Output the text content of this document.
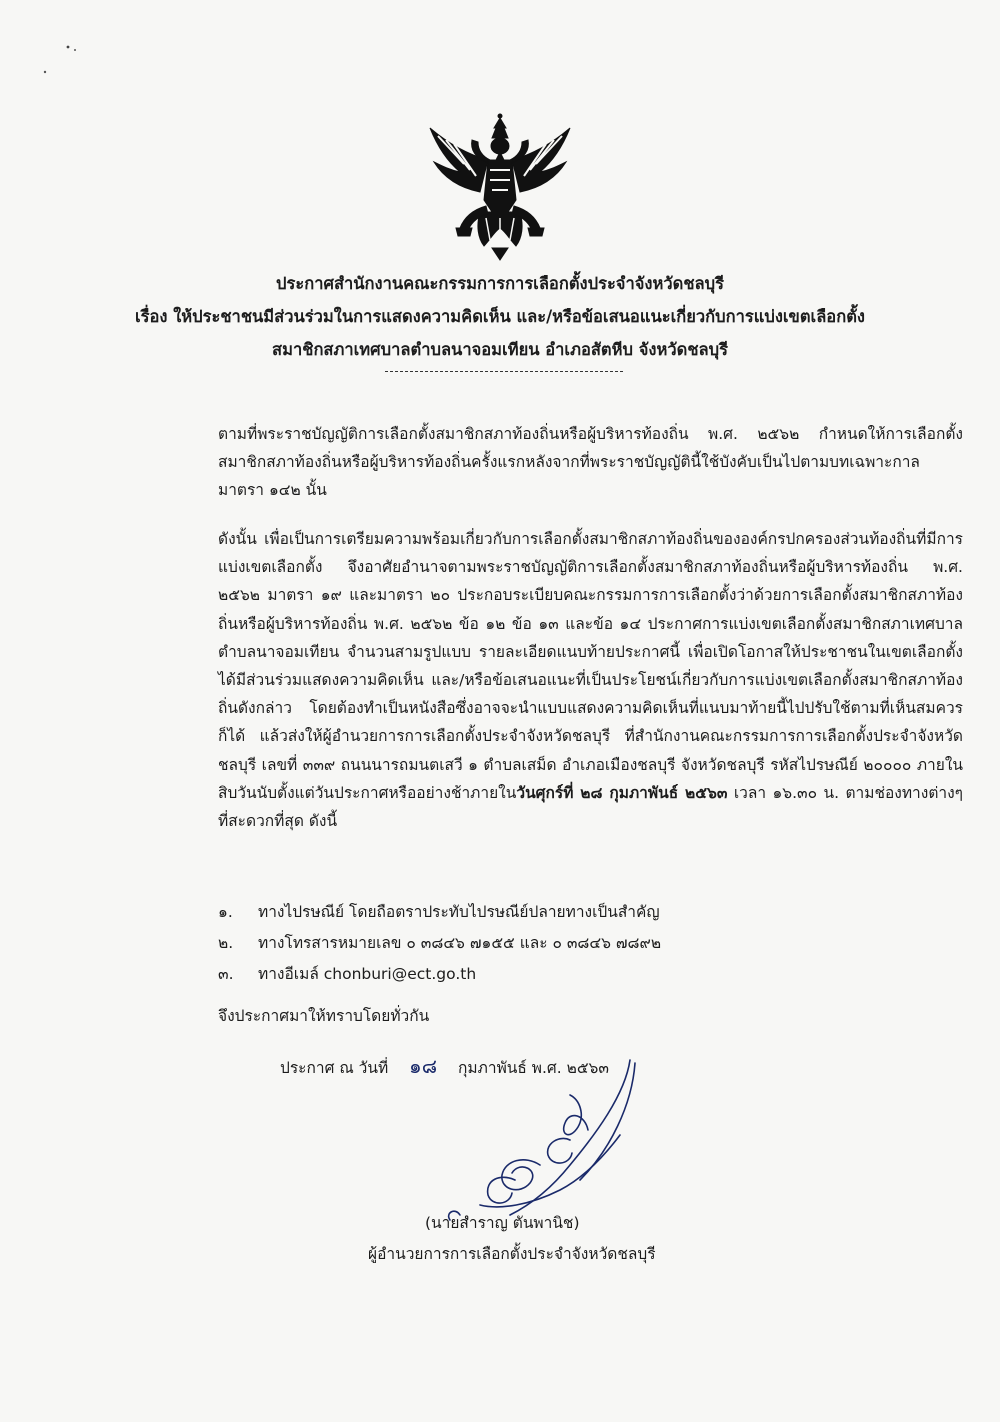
ประกาศสำนักงานคณะกรรมการการเลือกตั้งประจำจังหวัดชลบุรี
เรื่อง ให้ประชาชนมีส่วนร่วมในการแสดงความคิดเห็น และ/หรือข้อเสนอแนะเกี่ยวกับการแบ่งเขตเลือกตั้ง
สมาชิกสภาเทศบาลตำบลนาจอมเทียน อำเภอสัตหีบ จังหวัดชลบุรี
ตามที่พระราชบัญญัติการเลือกตั้งสมาชิกสภาท้องถิ่นหรือผู้บริหารท้องถิ่น พ.ศ. ๒๕๖๒ กำหนดให้การเลือกตั้งสมาชิกสภาท้องถิ่นหรือผู้บริหารท้องถิ่นครั้งแรกหลังจากที่พระราชบัญญัตินี้ใช้บังคับเป็นไปตามบทเฉพาะกาลมาตรา ๑๔๒ นั้น
ดังนั้น เพื่อเป็นการเตรียมความพร้อมเกี่ยวกับการเลือกตั้งสมาชิกสภาท้องถิ่นขององค์กรปกครองส่วนท้องถิ่นที่มีการแบ่งเขตเลือกตั้ง จึงอาศัยอำนาจตามพระราชบัญญัติการเลือกตั้งสมาชิกสภาท้องถิ่นหรือผู้บริหารท้องถิ่น พ.ศ. ๒๕๖๒ มาตรา ๑๙ และมาตรา ๒๐ ประกอบระเบียบคณะกรรมการการเลือกตั้งว่าด้วยการเลือกตั้งสมาชิกสภาท้องถิ่นหรือผู้บริหารท้องถิ่น พ.ศ. ๒๕๖๒ ข้อ ๑๒ ข้อ ๑๓ และข้อ ๑๔ ประกาศการแบ่งเขตเลือกตั้งสมาชิกสภาเทศบาลตำบลนาจอมเทียน จำนวนสามรูปแบบ รายละเอียดแนบท้ายประกาศนี้ เพื่อเปิดโอกาสให้ประชาชนในเขตเลือกตั้งได้มีส่วนร่วมแสดงความคิดเห็น และ/หรือข้อเสนอแนะที่เป็นประโยชน์เกี่ยวกับการแบ่งเขตเลือกตั้งสมาชิกสภาท้องถิ่นดังกล่าว โดยต้องทำเป็นหนังสือซึ่งอาจจะนำแบบแสดงความคิดเห็นที่แนบมาท้ายนี้ไปปรับใช้ตามที่เห็นสมควรก็ได้ แล้วส่งให้ผู้อำนวยการการเลือกตั้งประจำจังหวัดชลบุรี ที่สำนักงานคณะกรรมการการเลือกตั้งประจำจังหวัดชลบุรี เลขที่ ๓๓๙ ถนนนารถมนตเสวี ๑ ตำบลเสม็ด อำเภอเมืองชลบุรี จังหวัดชลบุรี รหัสไปรษณีย์ ๒๐๐๐๐ ภายในสิบวันนับตั้งแต่วันประกาศหรืออย่างช้าภายในวันศุกร์ที่ ๒๘ กุมภาพันธ์ ๒๕๖๓ เวลา ๑๖.๓๐ น. ตามช่องทางต่างๆ ที่สะดวกที่สุด ดังนี้
๑. ทางไปรษณีย์ โดยถือตราประทับไปรษณีย์ปลายทางเป็นสำคัญ
๒. ทางโทรสารหมายเลข ๐ ๓๘๔๖ ๗๑๕๕ และ ๐ ๓๘๔๖ ๗๘๙๒
๓. ทางอีเมล์ chonburi@ect.go.th
จึงประกาศมาให้ทราบโดยทั่วกัน
ประกาศ ณ วันที่ ๑๘ กุมภาพันธ์ พ.ศ. ๒๕๖๓
(นายสำราญ ตันพานิช)
ผู้อำนวยการการเลือกตั้งประจำจังหวัดชลบุรี
